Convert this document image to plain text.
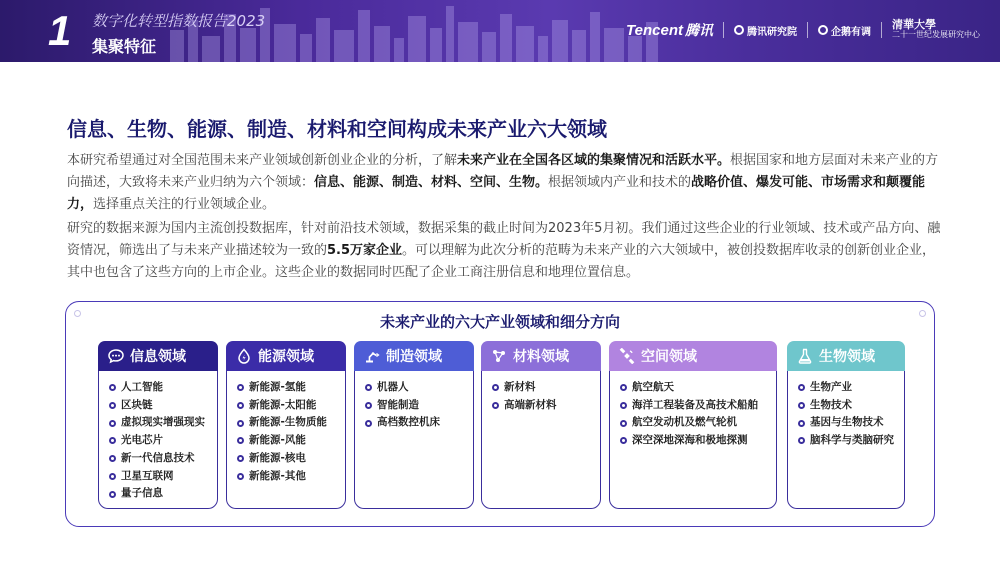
1 数字化转型指数报告2023
集聚特征
Tencent 腾讯	腾讯研究院	企鹅有调
清華大學
二十一世纪发展研究中心
信息、生物、能源、制造、材料和空间构成未来产业六大领域
本研究希望通过对全国范围未来产业领域创新创业企业的分析，了解未来产业在全国各区域的集聚情况和活跃水平。根据国家和地方层面对未来产业的方向描述，大致将未来产业归纳为六个领域：信息、能源、制造、材料、空间、生物。根据领域内产业和技术的战略价值、爆发可能、市场需求和颠覆能力，选择重点关注的行业领域企业。
研究的数据来源为国内主流创投数据库，针对前沿技术领域，数据采集的截止时间为2023年5月初。我们通过这些企业的行业领域、技术或产品方向、融资情况，筛选出了与未来产业描述较为一致的5.5万家企业。可以理解为此次分析的范畴为未来产业的六大领域中，被创投数据库收录的创新创业企业，其中也包含了这些方向的上市企业。这些企业的数据同时匹配了企业工商注册信息和地理位置信息。
未来产业的六大产业领域和细分方向
信息领域
人工智能
区块链
虚拟现实增强现实
光电芯片
新一代信息技术
卫星互联网
量子信息
能源领域
新能源-氢能
新能源-太阳能
新能源-生物质能
新能源-风能
新能源-核电
新能源-其他
制造领域
机器人
智能制造
高档数控机床
材料领域
新材料
高端新材料
空间领域
航空航天
海洋工程装备及高技术船舶
航空发动机及燃气轮机
深空深地深海和极地探测
生物领域
生物产业
生物技术
基因与生物技术
脑科学与类脑研究
